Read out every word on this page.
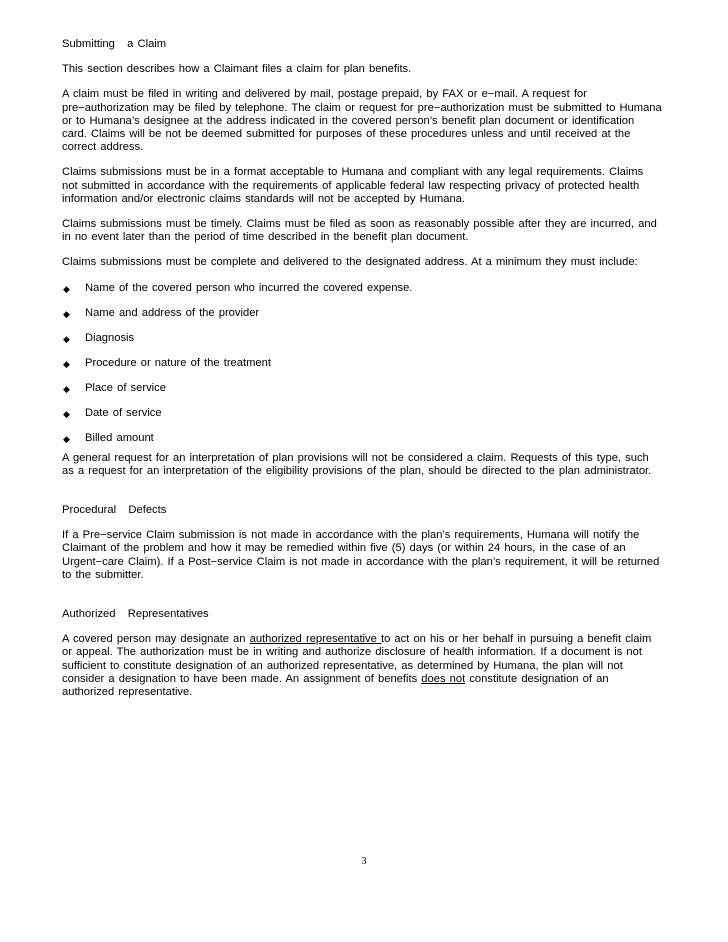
Submitting   a Claim

This section describes how a Claimant files a claim for plan benefits.

A claim must be filed in writing and delivered by mail, postage prepaid, by FAX or e−mail. A request for pre−authorization may be filed by telephone. The claim or request for pre−authorization must be submitted to Humana or to Humana’s designee at the address indicated in the covered person’s benefit plan document or identification card. Claims will be not be deemed submitted for purposes of these procedures unless and until received at the correct address.

Claims submissions must be in a format acceptable to Humana and compliant with any legal requirements. Claims not submitted in accordance with the requirements of applicable federal law respecting privacy of protected health information and/or electronic claims standards will not be accepted by Humana.

Claims submissions must be timely. Claims must be filed as soon as reasonably possible after they are incurred, and in no event later than the period of time described in the benefit plan document.

Claims submissions must be complete and delivered to the designated address. At a minimum they must include:

◆ Name of the covered person who incurred the covered expense.
◆ Name and address of the provider
◆ Diagnosis
◆ Procedure or nature of the treatment
◆ Place of service
◆ Date of service
◆ Billed amount

A general request for an interpretation of plan provisions will not be considered a claim. Requests of this type, such as a request for an interpretation of the eligibility provisions of the plan, should be directed to the plan administrator.

Procedural   Defects

If a Pre−service Claim submission is not made in accordance with the plan’s requirements, Humana will notify the Claimant of the problem and how it may be remedied within five (5) days (or within 24 hours, in the case of an Urgent−care Claim). If a Post−service Claim is not made in accordance with the plan’s requirement, it will be returned to the submitter.

Authorized   Representatives

A covered person may designate an authorized representative to act on his or her behalf in pursuing a benefit claim or appeal. The authorization must be in writing and authorize disclosure of health information. If a document is not sufficient to constitute designation of an authorized representative, as determined by Humana, the plan will not consider a designation to have been made. An assignment of benefits does not constitute designation of an authorized representative.

3
